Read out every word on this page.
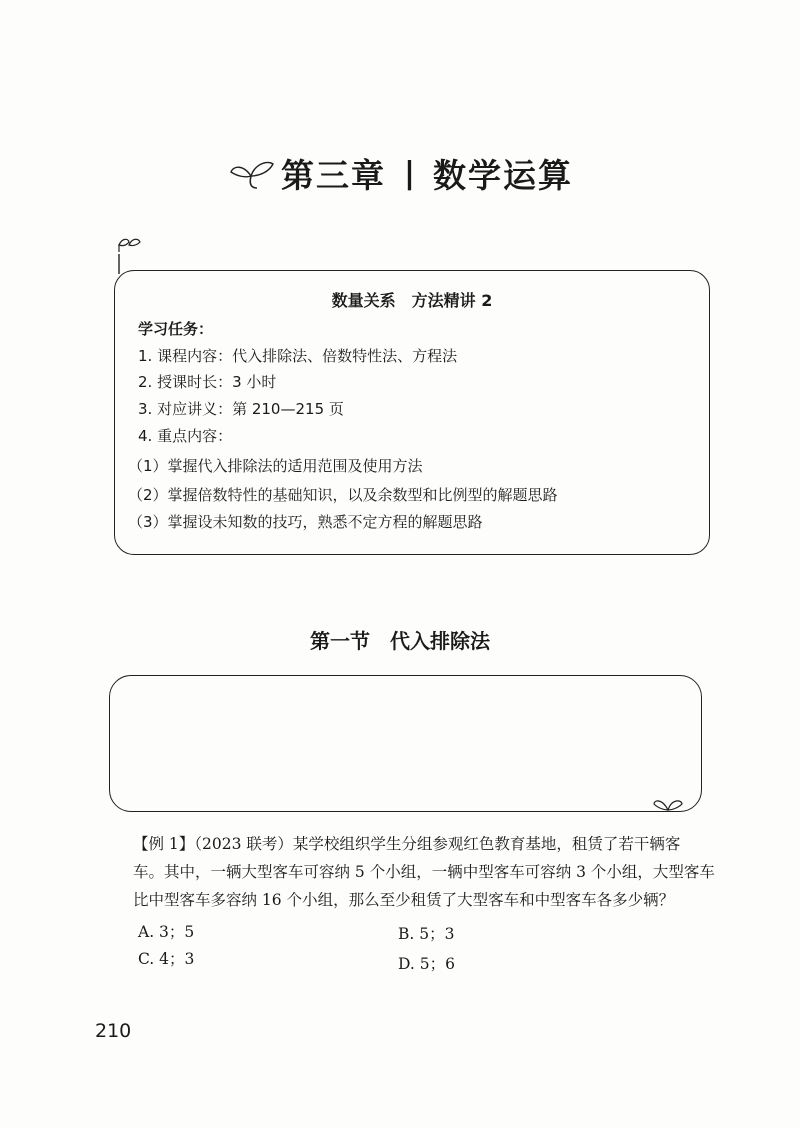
第三章 | 数学运算
数量关系　方法精讲 2
学习任务：
1. 课程内容：代入排除法、倍数特性法、方程法
2. 授课时长：3 小时
3. 对应讲义：第 210—215 页
4. 重点内容：
（1）掌握代入排除法的适用范围及使用方法
（2）掌握倍数特性的基础知识，以及余数型和比例型的解题思路
（3）掌握设未知数的技巧，熟悉不定方程的解题思路
第一节　代入排除法
【例 1】（2023 联考）某学校组织学生分组参观红色教育基地，租赁了若干辆客
车。其中，一辆大型客车可容纳 5 个小组，一辆中型客车可容纳 3 个小组，大型客车
比中型客车多容纳 16 个小组，那么至少租赁了大型客车和中型客车各多少辆？
A. 3；5	B. 5；3
C. 4；3	D. 5；6
210
